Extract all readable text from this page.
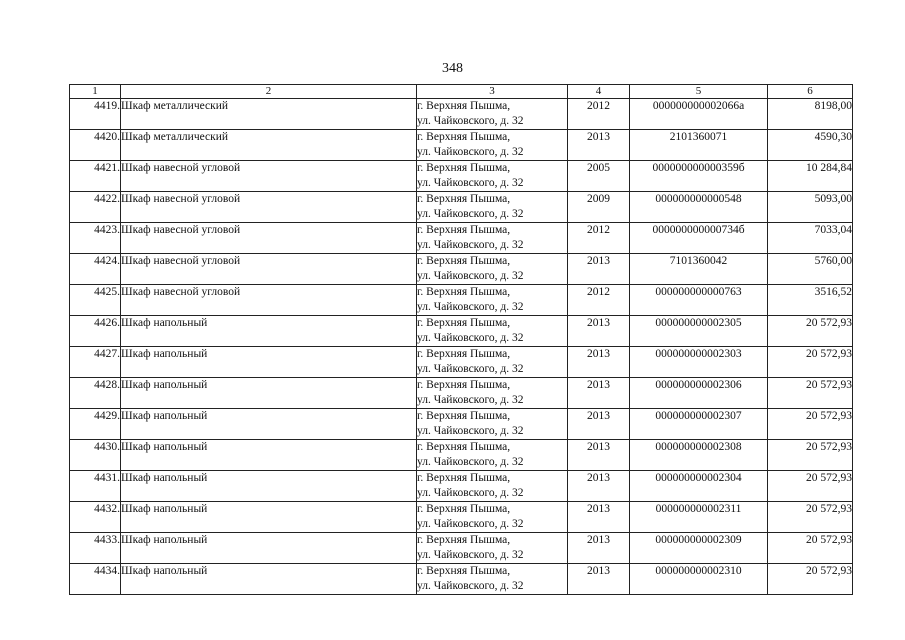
348
1	2	3	4	5	6
4419.	Шкаф металлический	г. Верхняя Пышма,
ул. Чайковского, д. 32	2012	000000000002066а	8198,00
4420.	Шкаф металлический	г. Верхняя Пышма,
ул. Чайковского, д. 32	2013	2101360071	4590,30
4421.	Шкаф навесной угловой	г. Верхняя Пышма,
ул. Чайковского, д. 32	2005	000000000000359б	10 284,84
4422.	Шкаф навесной угловой	г. Верхняя Пышма,
ул. Чайковского, д. 32	2009	000000000000548	5093,00
4423.	Шкаф навесной угловой	г. Верхняя Пышма,
ул. Чайковского, д. 32	2012	000000000000734б	7033,04
4424.	Шкаф навесной угловой	г. Верхняя Пышма,
ул. Чайковского, д. 32	2013	7101360042	5760,00
4425.	Шкаф навесной угловой	г. Верхняя Пышма,
ул. Чайковского, д. 32	2012	000000000000763	3516,52
4426.	Шкаф напольный	г. Верхняя Пышма,
ул. Чайковского, д. 32	2013	000000000002305	20 572,93
4427.	Шкаф напольный	г. Верхняя Пышма,
ул. Чайковского, д. 32	2013	000000000002303	20 572,93
4428.	Шкаф напольный	г. Верхняя Пышма,
ул. Чайковского, д. 32	2013	000000000002306	20 572,93
4429.	Шкаф напольный	г. Верхняя Пышма,
ул. Чайковского, д. 32	2013	000000000002307	20 572,93
4430.	Шкаф напольный	г. Верхняя Пышма,
ул. Чайковского, д. 32	2013	000000000002308	20 572,93
4431.	Шкаф напольный	г. Верхняя Пышма,
ул. Чайковского, д. 32	2013	000000000002304	20 572,93
4432.	Шкаф напольный	г. Верхняя Пышма,
ул. Чайковского, д. 32	2013	000000000002311	20 572,93
4433.	Шкаф напольный	г. Верхняя Пышма,
ул. Чайковского, д. 32	2013	000000000002309	20 572,93
4434.	Шкаф напольный	г. Верхняя Пышма,
ул. Чайковского, д. 32	2013	000000000002310	20 572,93
